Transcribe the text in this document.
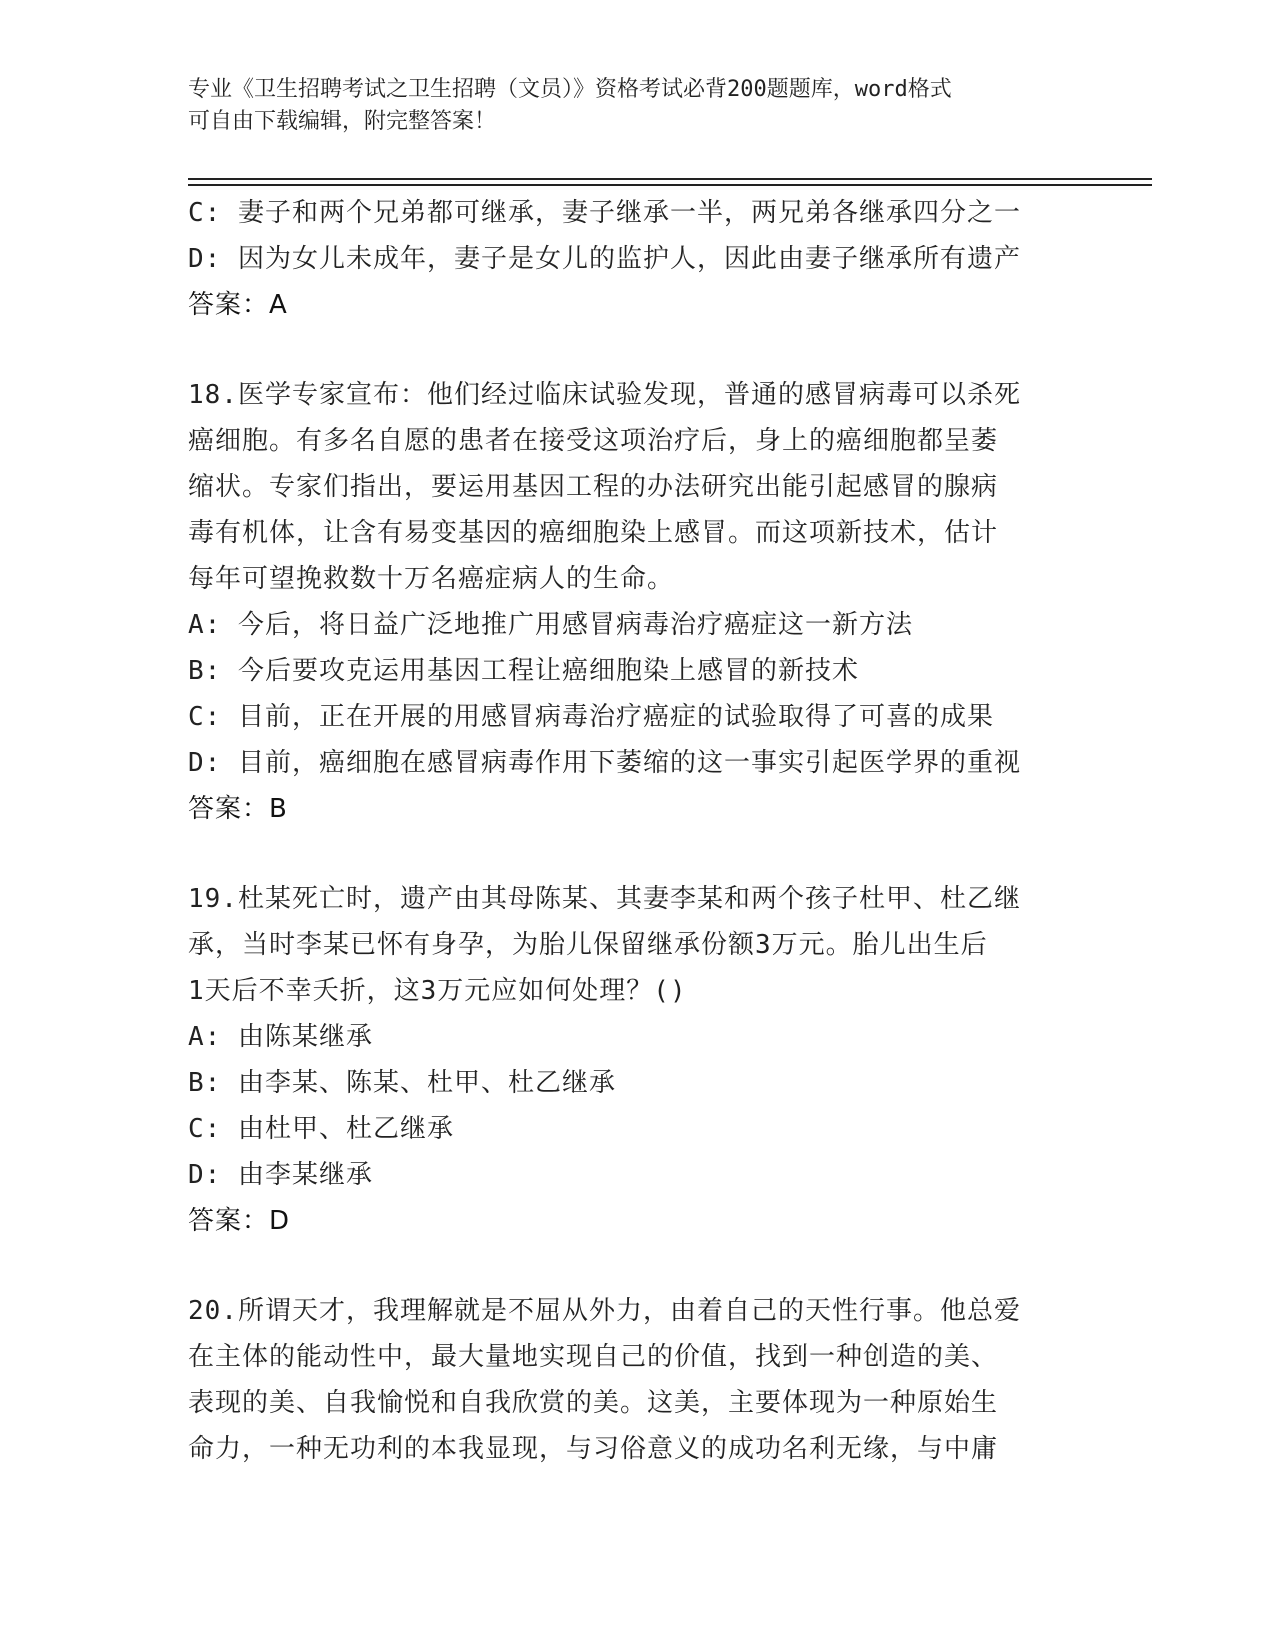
专业《卫生招聘考试之卫生招聘（文员）》资格考试必背200题题库，word格式
可自由下载编辑，附完整答案！
C: 妻子和两个兄弟都可继承，妻子继承一半，两兄弟各继承四分之一
D: 因为女儿未成年，妻子是女儿的监护人，因此由妻子继承所有遗产
答案：A
18.医学专家宣布：他们经过临床试验发现，普通的感冒病毒可以杀死
癌细胞。有多名自愿的患者在接受这项治疗后，身上的癌细胞都呈萎
缩状。专家们指出，要运用基因工程的办法研究出能引起感冒的腺病
毒有机体，让含有易变基因的癌细胞染上感冒。而这项新技术，估计
每年可望挽救数十万名癌症病人的生命。
A: 今后，将日益广泛地推广用感冒病毒治疗癌症这一新方法
B: 今后要攻克运用基因工程让癌细胞染上感冒的新技术
C: 目前，正在开展的用感冒病毒治疗癌症的试验取得了可喜的成果
D: 目前，癌细胞在感冒病毒作用下萎缩的这一事实引起医学界的重视
答案：B
19.杜某死亡时，遗产由其母陈某、其妻李某和两个孩子杜甲、杜乙继
承，当时李某已怀有身孕，为胎儿保留继承份额3万元。胎儿出生后
1天后不幸夭折，这3万元应如何处理？()
A: 由陈某继承
B: 由李某、陈某、杜甲、杜乙继承
C: 由杜甲、杜乙继承
D: 由李某继承
答案：D
20.所谓天才，我理解就是不屈从外力，由着自己的天性行事。他总爱
在主体的能动性中，最大量地实现自己的价值，找到一种创造的美、
表现的美、自我愉悦和自我欣赏的美。这美，主要体现为一种原始生
命力，一种无功利的本我显现，与习俗意义的成功名利无缘，与中庸
